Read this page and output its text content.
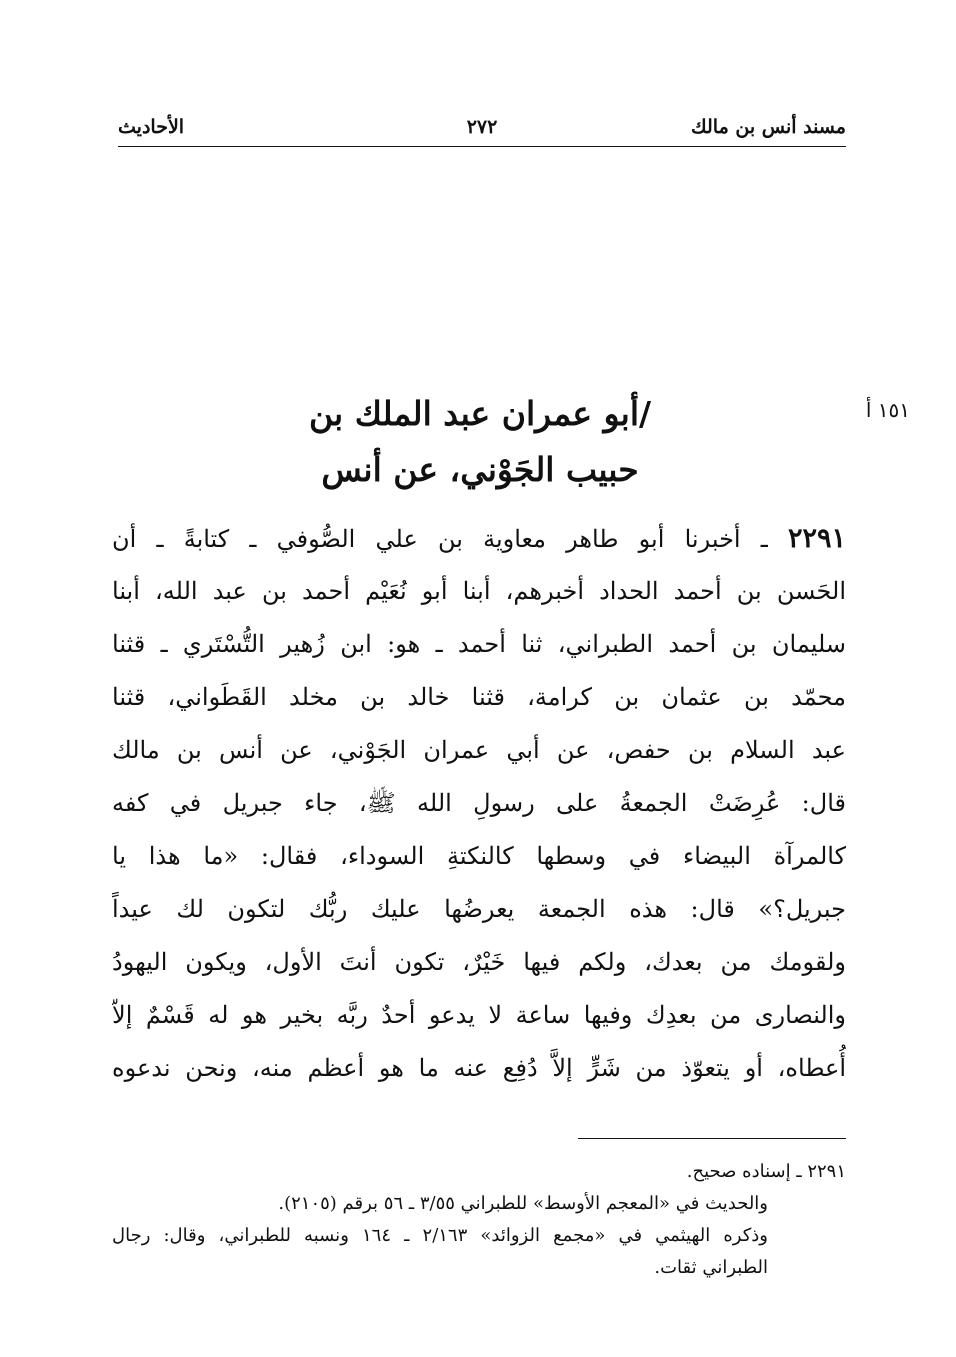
مسند أنس بن مالك
٢٧٢
الأحاديث
١٥١ أ
/أبو عمران عبد الملك بن
حبيب الجَوْني، عن أنس
٢٢٩١ ـ أخبرنا أبو طاهر معاوية بن علي الصُّوفي ـ كتابةً ـ أن
الحَسن بن أحمد الحداد أخبرهم، أبنا أبو نُعَيْم أحمد بن عبد الله، أبنا
سليمان بن أحمد الطبراني، ثنا أحمد ـ هو: ابن زُهير التُّسْتَري ـ قثنا
محمّد بن عثمان بن كرامة، قثنا خالد بن مخلد القَطَواني، قثنا
عبد السلام بن حفص، عن أبي عمران الجَوْني، عن أنس بن مالك
قال: عُرِضَتْ الجمعةُ على رسولِ الله ﷺ، جاء جبريل في كفه
كالمرآة البيضاء في وسطها كالنكتةِ السوداء، فقال: «ما هذا يا
جبريل؟» قال: هذه الجمعة يعرضُها عليك ربُّك لتكون لك عيداً
ولقومك من بعدك، ولكم فيها خَيْرٌ، تكون أنتَ الأول، ويكون اليهودُ
والنصارى من بعدِك وفيها ساعة لا يدعو أحدٌ ربَّه بخير هو له قَسْمٌ إلاّ
أُعطاه، أو يتعوّذ من شَرٍّ إلاَّ دُفِع عنه ما هو أعظم منه، ونحن ندعوه
٢٢٩١ ـ إسناده صحيح.
والحديث في «المعجم الأوسط» للطبراني ٣/٥٥ ـ ٥٦ برقم (٢١٠٥).
وذكره الهيثمي في «مجمع الزوائد» ٢/١٦٣ ـ ١٦٤ ونسبه للطبراني، وقال: رجال
الطبراني ثقات.
